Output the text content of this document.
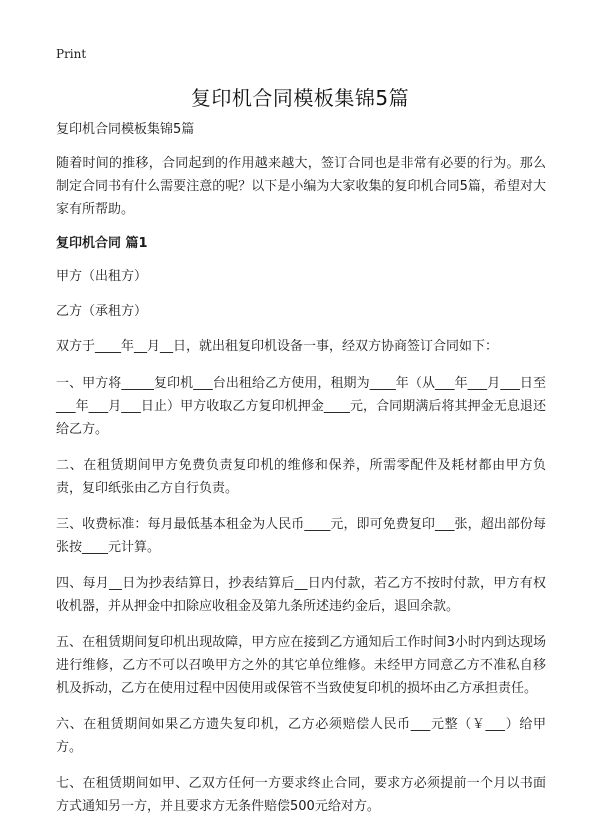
Print
复印机合同模板集锦5篇

复印机合同模板集锦5篇

随着时间的推移，合同起到的作用越来越大，签订合同也是非常有必要的行为。那么制定合同书有什么需要注意的呢？以下是小编为大家收集的复印机合同5篇，希望对大家有所帮助。

复印机合同 篇1

甲方（出租方）

乙方（承租方）

双方于____年__月__日，就出租复印机设备一事，经双方协商签订合同如下：

一、甲方将_____复印机___台出租给乙方使用，租期为____年（从___年___月___日至___年___月___日止）甲方收取乙方复印机押金____元，合同期满后将其押金无息退还给乙方。

二、在租赁期间甲方免费负责复印机的维修和保养，所需零配件及耗材都由甲方负责，复印纸张由乙方自行负责。

三、收费标准：每月最低基本租金为人民币____元，即可免费复印___张，超出部份每张按____元计算。

四、每月__日为抄表结算日，抄表结算后__日内付款，若乙方不按时付款，甲方有权收机器，并从押金中扣除应收租金及第九条所述违约金后，退回余款。

五、在租赁期间复印机出现故障，甲方应在接到乙方通知后工作时间3小时内到达现场进行维修，乙方不可以召唤甲方之外的其它单位维修。未经甲方同意乙方不准私自移机及拆动，乙方在使用过程中因使用或保管不当致使复印机的损坏由乙方承担责任。

六、在租赁期间如果乙方遗失复印机，乙方必须赔偿人民币___元整（￥___）给甲方。

七、在租赁期间如甲、乙双方任何一方要求终止合同，要求方必须提前一个月以书面方式通知另一方，并且要求方无条件赔偿500元给对方。
